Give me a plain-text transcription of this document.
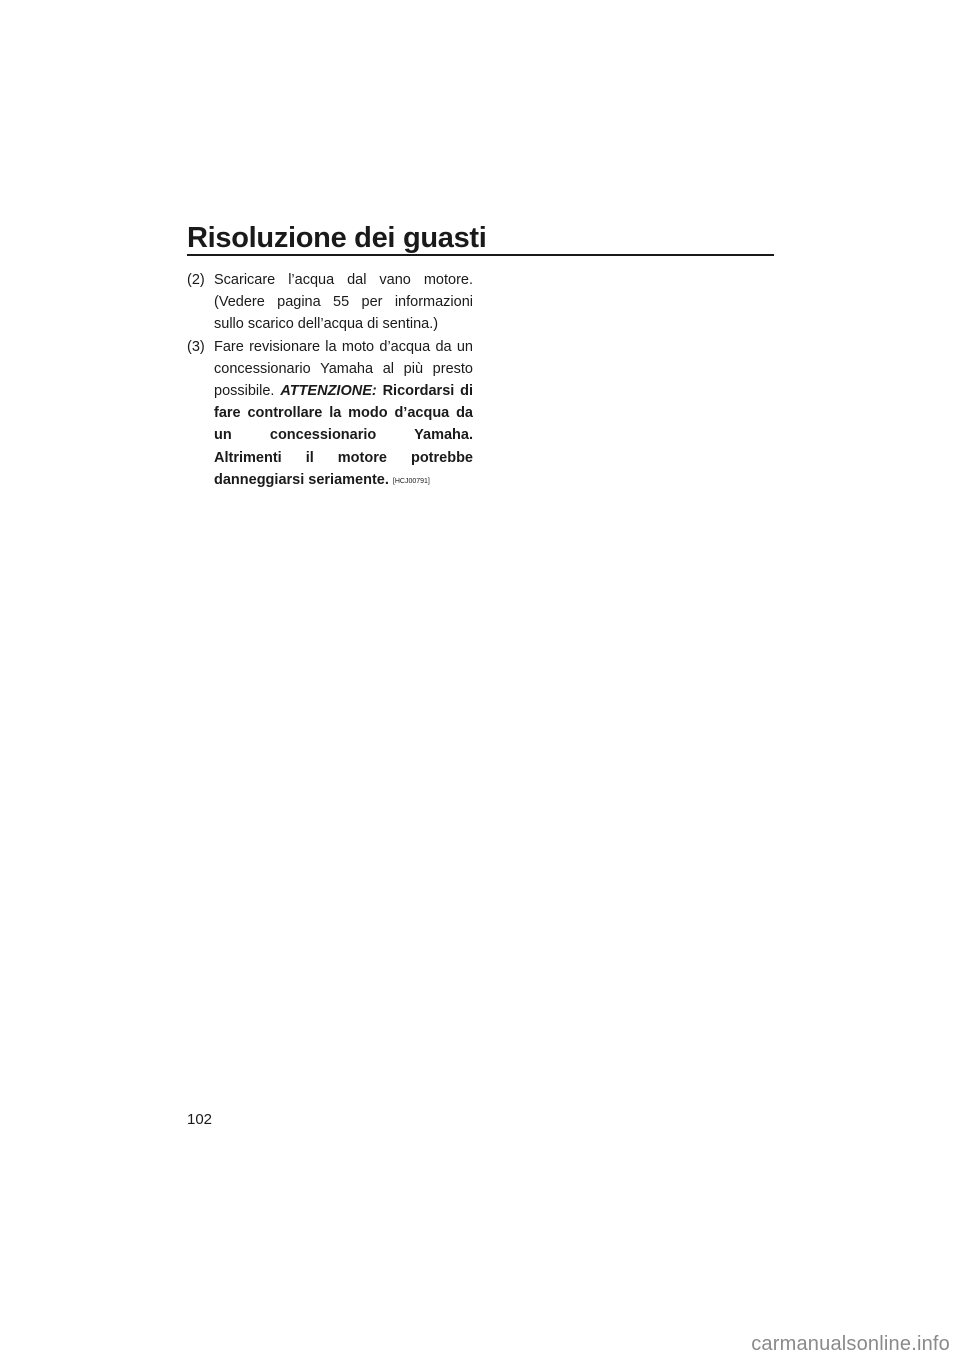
Risoluzione dei guasti
(2) Scaricare l’acqua dal vano motore. (Vedere pagina 55 per informazioni sullo scarico dell’acqua di sentina.)
(3) Fare revisionare la moto d’acqua da un concessionario Yamaha al più presto possibile. ATTENZIONE: Ricordarsi di fare controllare la modo d’acqua da un concessionario Yamaha. Altrimenti il motore potrebbe danneggiarsi seriamente. [HCJ00791]
102
carmanualsonline.info
